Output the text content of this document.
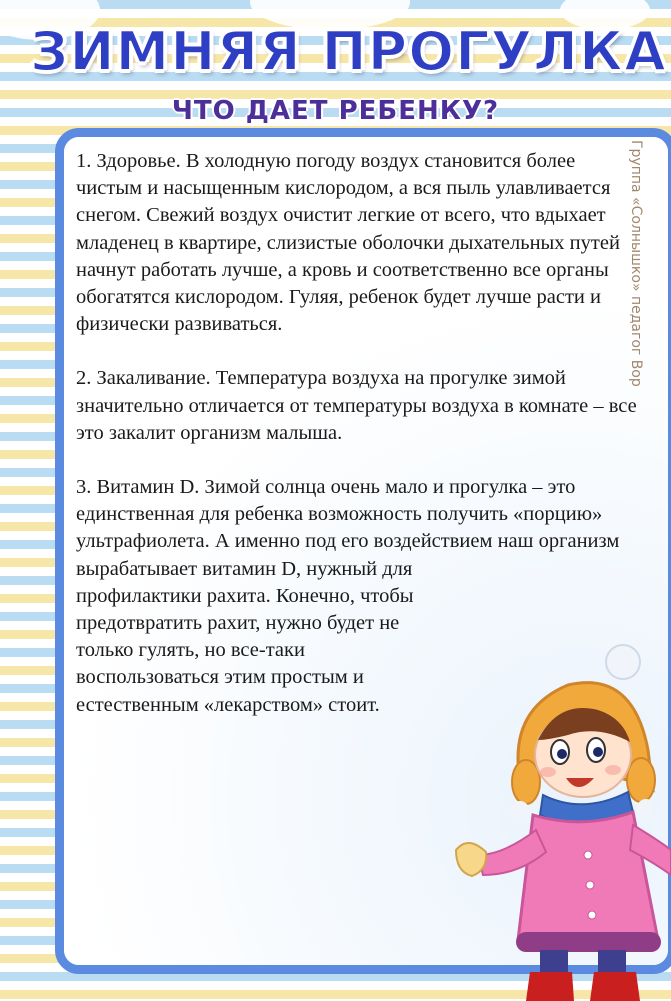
ЗИМНЯЯ ПРОГУЛКА
ЧТО ДАЕТ РЕБЕНКУ?
Группа «Солнышко» педагог Вор

1. Здоровье. В холодную погоду воздух становится более чистым и насыщенным кислородом, а вся пыль улавливается снегом. Свежий воздух очистит легкие от всего, что вдыхает младенец в квартире, слизистые оболочки дыхательных путей начнут работать лучше, а кровь и соответственно все органы обогатятся кислородом. Гуляя, ребенок будет лучше расти и физически развиваться.

2. Закаливание. Температура воздуха на прогулке зимой значительно отличается от температуры воздуха в комнате – все это закалит организм малыша.

3. Витамин D. Зимой солнца очень мало и прогулка – это единственная для ребенка возможность получить «порцию» ультрафиолета. А именно под его воздействием наш организм
вырабатывает витамин D, нужный для профилактики рахита. Конечно, чтобы предотвратить рахит, нужно будет не только гулять, но все-таки воспользоваться этим простым и естественным «лекарством» стоит.
